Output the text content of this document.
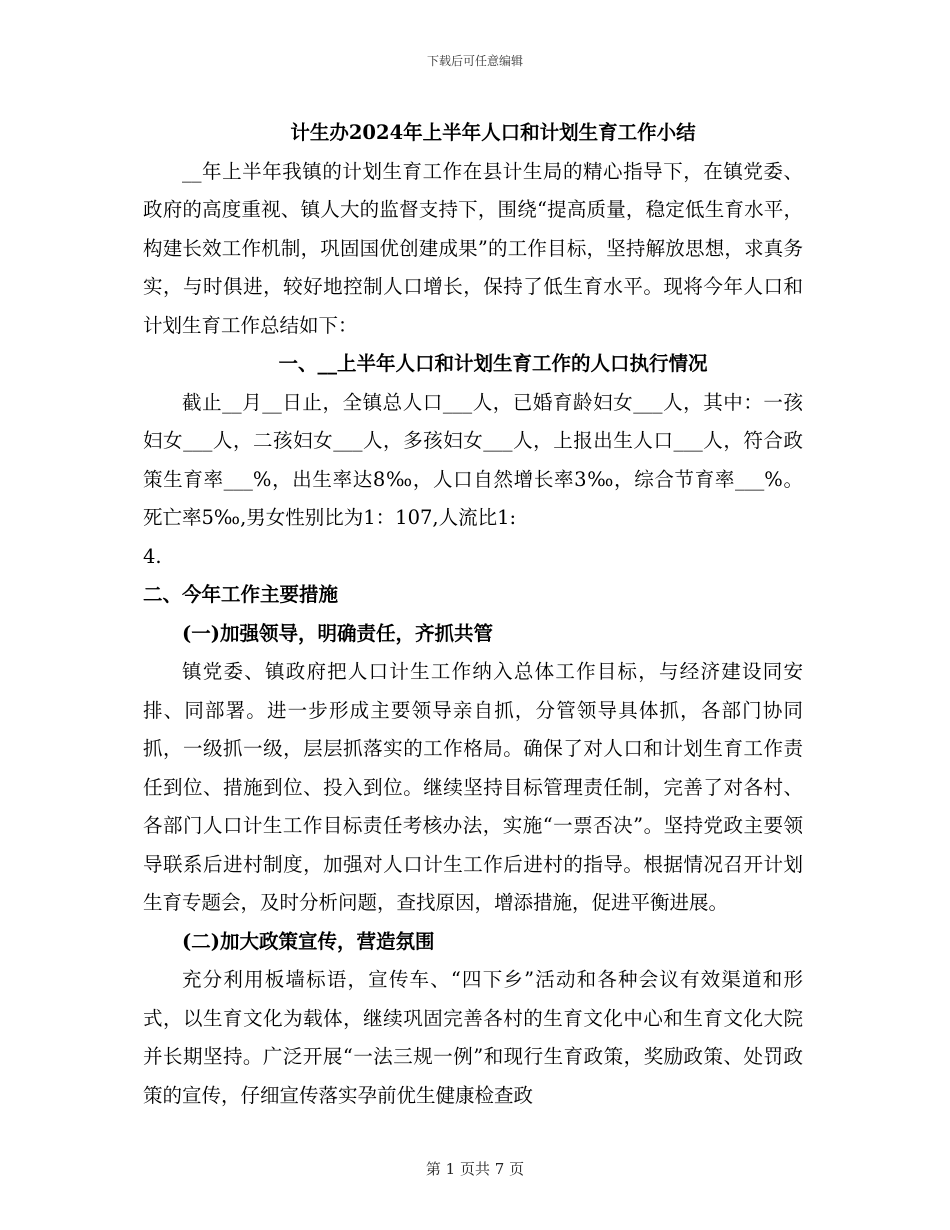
下载后可任意编辑
计生办2024年上半年人口和计划生育工作小结

__年上半年我镇的计划生育工作在县计生局的精心指导下，在镇党委、政府的高度重视、镇人大的监督支持下，围绕“提高质量，稳定低生育水平，构建长效工作机制，巩固国优创建成果”的工作目标，坚持解放思想，求真务实，与时俱进，较好地控制人口增长，保持了低生育水平。现将今年人口和计划生育工作总结如下：

一、__上半年人口和计划生育工作的人口执行情况

截止__月__日止，全镇总人口___人，已婚育龄妇女___人，其中：一孩妇女___人，二孩妇女___人，多孩妇女___人，上报出生人口___人，符合政策生育率___%，出生率达8‰，人口自然增长率3‰，综合节育率___%。死亡率5‰,男女性别比为1：107,人流比1:

4.

二、今年工作主要措施

(一)加强领导，明确责任，齐抓共管

镇党委、镇政府把人口计生工作纳入总体工作目标，与经济建设同安排、同部署。进一步形成主要领导亲自抓，分管领导具体抓，各部门协同抓，一级抓一级，层层抓落实的工作格局。确保了对人口和计划生育工作责任到位、措施到位、投入到位。继续坚持目标管理责任制，完善了对各村、各部门人口计生工作目标责任考核办法，实施“一票否决”。坚持党政主要领导联系后进村制度，加强对人口计生工作后进村的指导。根据情况召开计划生育专题会，及时分析问题，查找原因，增添措施，促进平衡进展。

(二)加大政策宣传，营造氛围

充分利用板墙标语，宣传车、“四下乡”活动和各种会议有效渠道和形式，以生育文化为载体，继续巩固完善各村的生育文化中心和生育文化大院并长期坚持。广泛开展“一法三规一例”和现行生育政策，奖励政策、处罚政策的宣传，仔细宣传落实孕前优生健康检查政

第 1 页共 7 页
